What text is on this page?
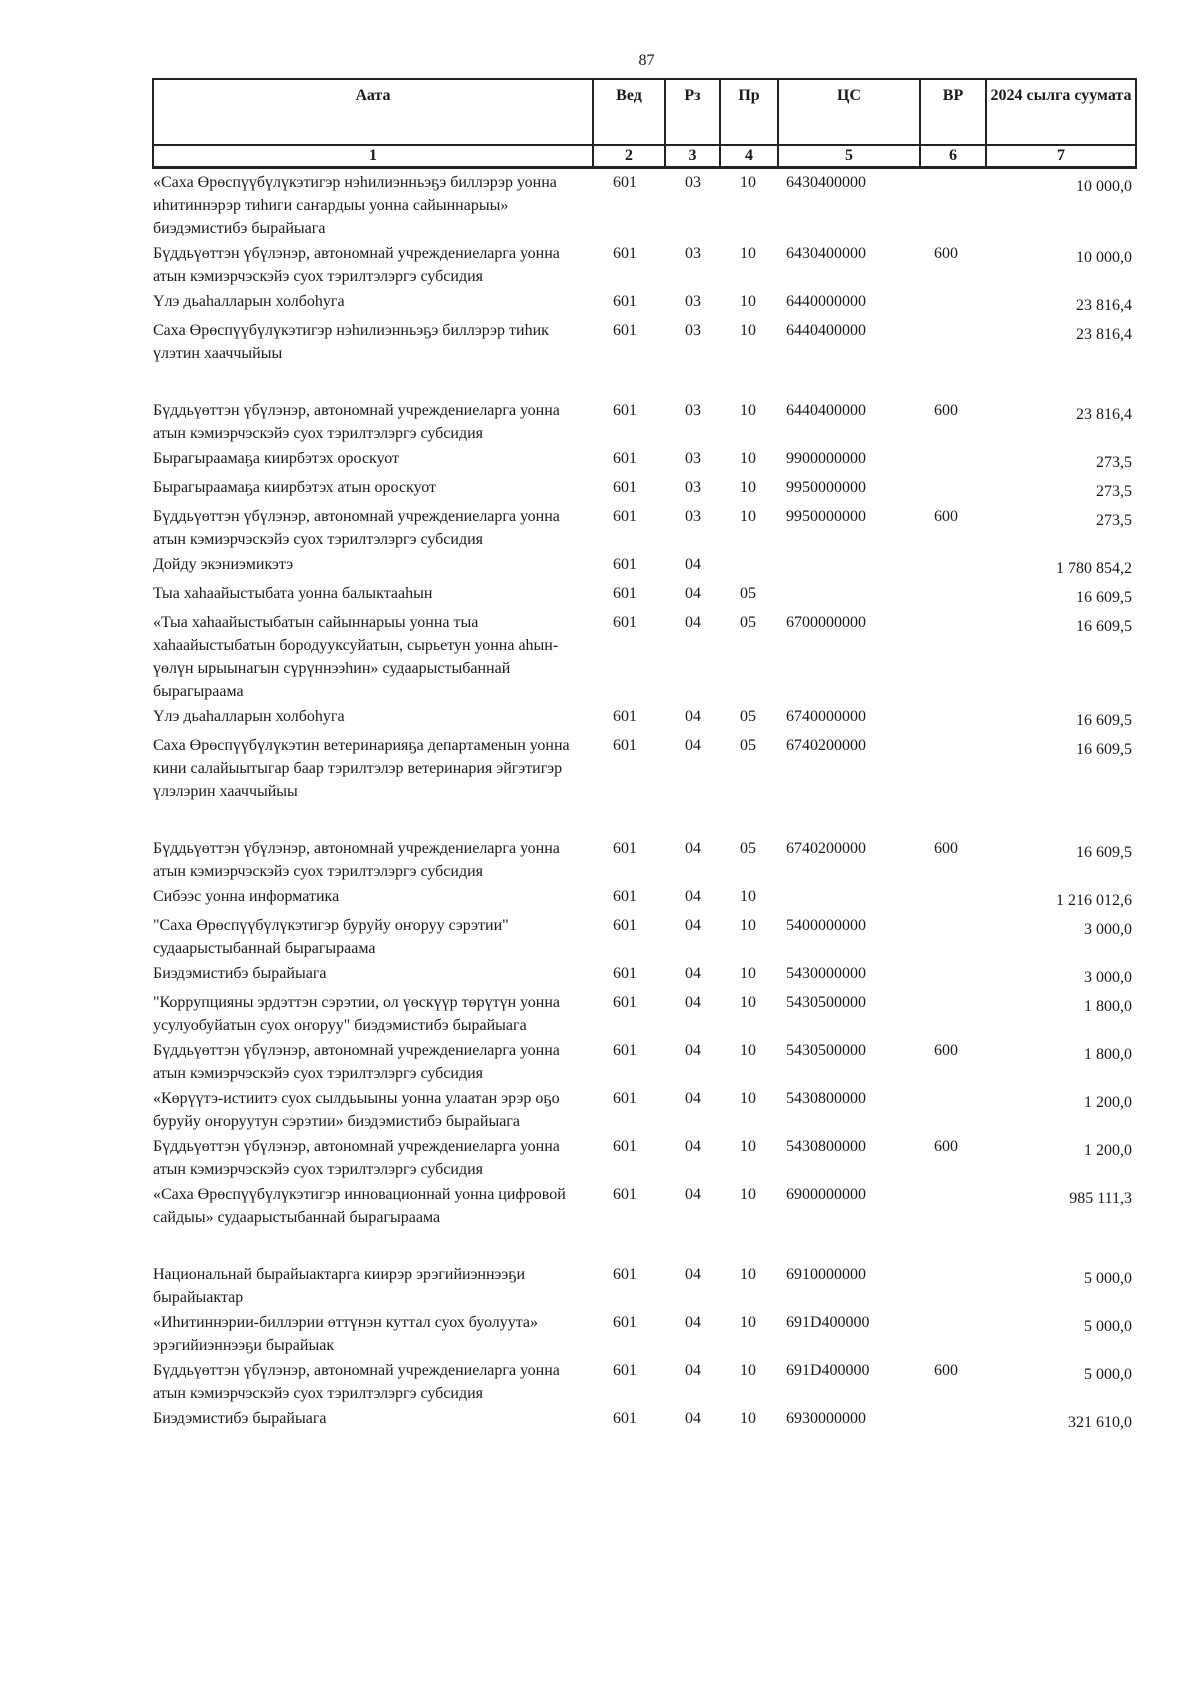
87
Аата	Вед	Рз	Пр	ЦС	ВР	2024 сылга суумата
1	2	3	4	5	6	7
«Саха Өрөспүүбүлүкэтигэр нэһилиэнньэҕэ биллэрэр уонна иһитиннэрэр тиһиги саҥардыы уонна сайыннарыы» биэдэмистибэ бырайыага	601	03	10	6430400000		10 000,0
Бүддьүөттэн үбүлэнэр, автономнай учреждениеларга уонна атын кэмиэрчэскэйэ суох тэрилтэлэргэ субсидия	601	03	10	6430400000	600	10 000,0
Үлэ дьаһалларын холбоһуга	601	03	10	6440000000		23 816,4
Саха Өрөспүүбүлүкэтигэр нэһилиэнньэҕэ биллэрэр тиһик үлэтин хааччыйыы	601	03	10	6440400000		23 816,4

Бүддьүөттэн үбүлэнэр, автономнай учреждениеларга уонна атын кэмиэрчэскэйэ суох тэрилтэлэргэ субсидия	601	03	10	6440400000	600	23 816,4
Бырагыраамаҕа киирбэтэх ороскуот	601	03	10	9900000000		273,5
Бырагыраамаҕа киирбэтэх атын ороскуот	601	03	10	9950000000		273,5
Бүддьүөттэн үбүлэнэр, автономнай учреждениеларга уонна атын кэмиэрчэскэйэ суох тэрилтэлэргэ субсидия	601	03	10	9950000000	600	273,5
Дойду экэниэмикэтэ	601	04				1 780 854,2
Тыа хаһаайыстыбата уонна балыктааһын	601	04	05			16 609,5
«Тыа хаһаайыстыбатын сайыннарыы уонна тыа хаһаайыстыбатын бородууксуйатын, сырьетун уонна аһын-үөлүн ырыынагын сүрүннээһин» судаарыстыбаннай бырагыраама	601	04	05	6700000000		16 609,5
Үлэ дьаһалларын холбоһуга	601	04	05	6740000000		16 609,5
Саха Өрөспүүбүлүкэтин ветеринарияҕа департаменын уонна кини салайыытыгар баар тэрилтэлэр ветеринария эйгэтигэр үлэлэрин хааччыйыы	601	04	05	6740200000		16 609,5

Бүддьүөттэн үбүлэнэр, автономнай учреждениеларга уонна атын кэмиэрчэскэйэ суох тэрилтэлэргэ субсидия	601	04	05	6740200000	600	16 609,5
Сибээс уонна информатика	601	04	10			1 216 012,6
"Саха Өрөспүүбүлүкэтигэр буруйу оҥоруу сэрэтии" судаарыстыбаннай бырагыраама	601	04	10	5400000000		3 000,0
Биэдэмистибэ бырайыага	601	04	10	5430000000		3 000,0
"Коррупцияны эрдэттэн сэрэтии, ол үөскүүр төрүтүн уонна усулуобуйатын суох оҥоруу" биэдэмистибэ бырайыага	601	04	10	5430500000		1 800,0
Бүддьүөттэн үбүлэнэр, автономнай учреждениеларга уонна атын кэмиэрчэскэйэ суох тэрилтэлэргэ субсидия	601	04	10	5430500000	600	1 800,0
«Көрүүтэ-истиитэ суох сылдьыыны уонна улаатан эрэр оҕо буруйу оҥоруутун сэрэтии» биэдэмистибэ бырайыага	601	04	10	5430800000		1 200,0
Бүддьүөттэн үбүлэнэр, автономнай учреждениеларга уонна атын кэмиэрчэскэйэ суох тэрилтэлэргэ субсидия	601	04	10	5430800000	600	1 200,0
«Саха Өрөспүүбүлүкэтигэр инновационнай уонна цифровой сайдыы» судаарыстыбаннай бырагыраама	601	04	10	6900000000		985 111,3

Национальнай бырайыактарга киирэр эрэгийиэннээҕи бырайыактар	601	04	10	6910000000		5 000,0
«Иһитиннэрии-биллэрии өттүнэн куттал суох буолуута» эрэгийиэннээҕи бырайыак	601	04	10	691D400000		5 000,0
Бүддьүөттэн үбүлэнэр, автономнай учреждениеларга уонна атын кэмиэрчэскэйэ суох тэрилтэлэргэ субсидия	601	04	10	691D400000	600	5 000,0
Биэдэмистибэ бырайыага	601	04	10	6930000000		321 610,0
